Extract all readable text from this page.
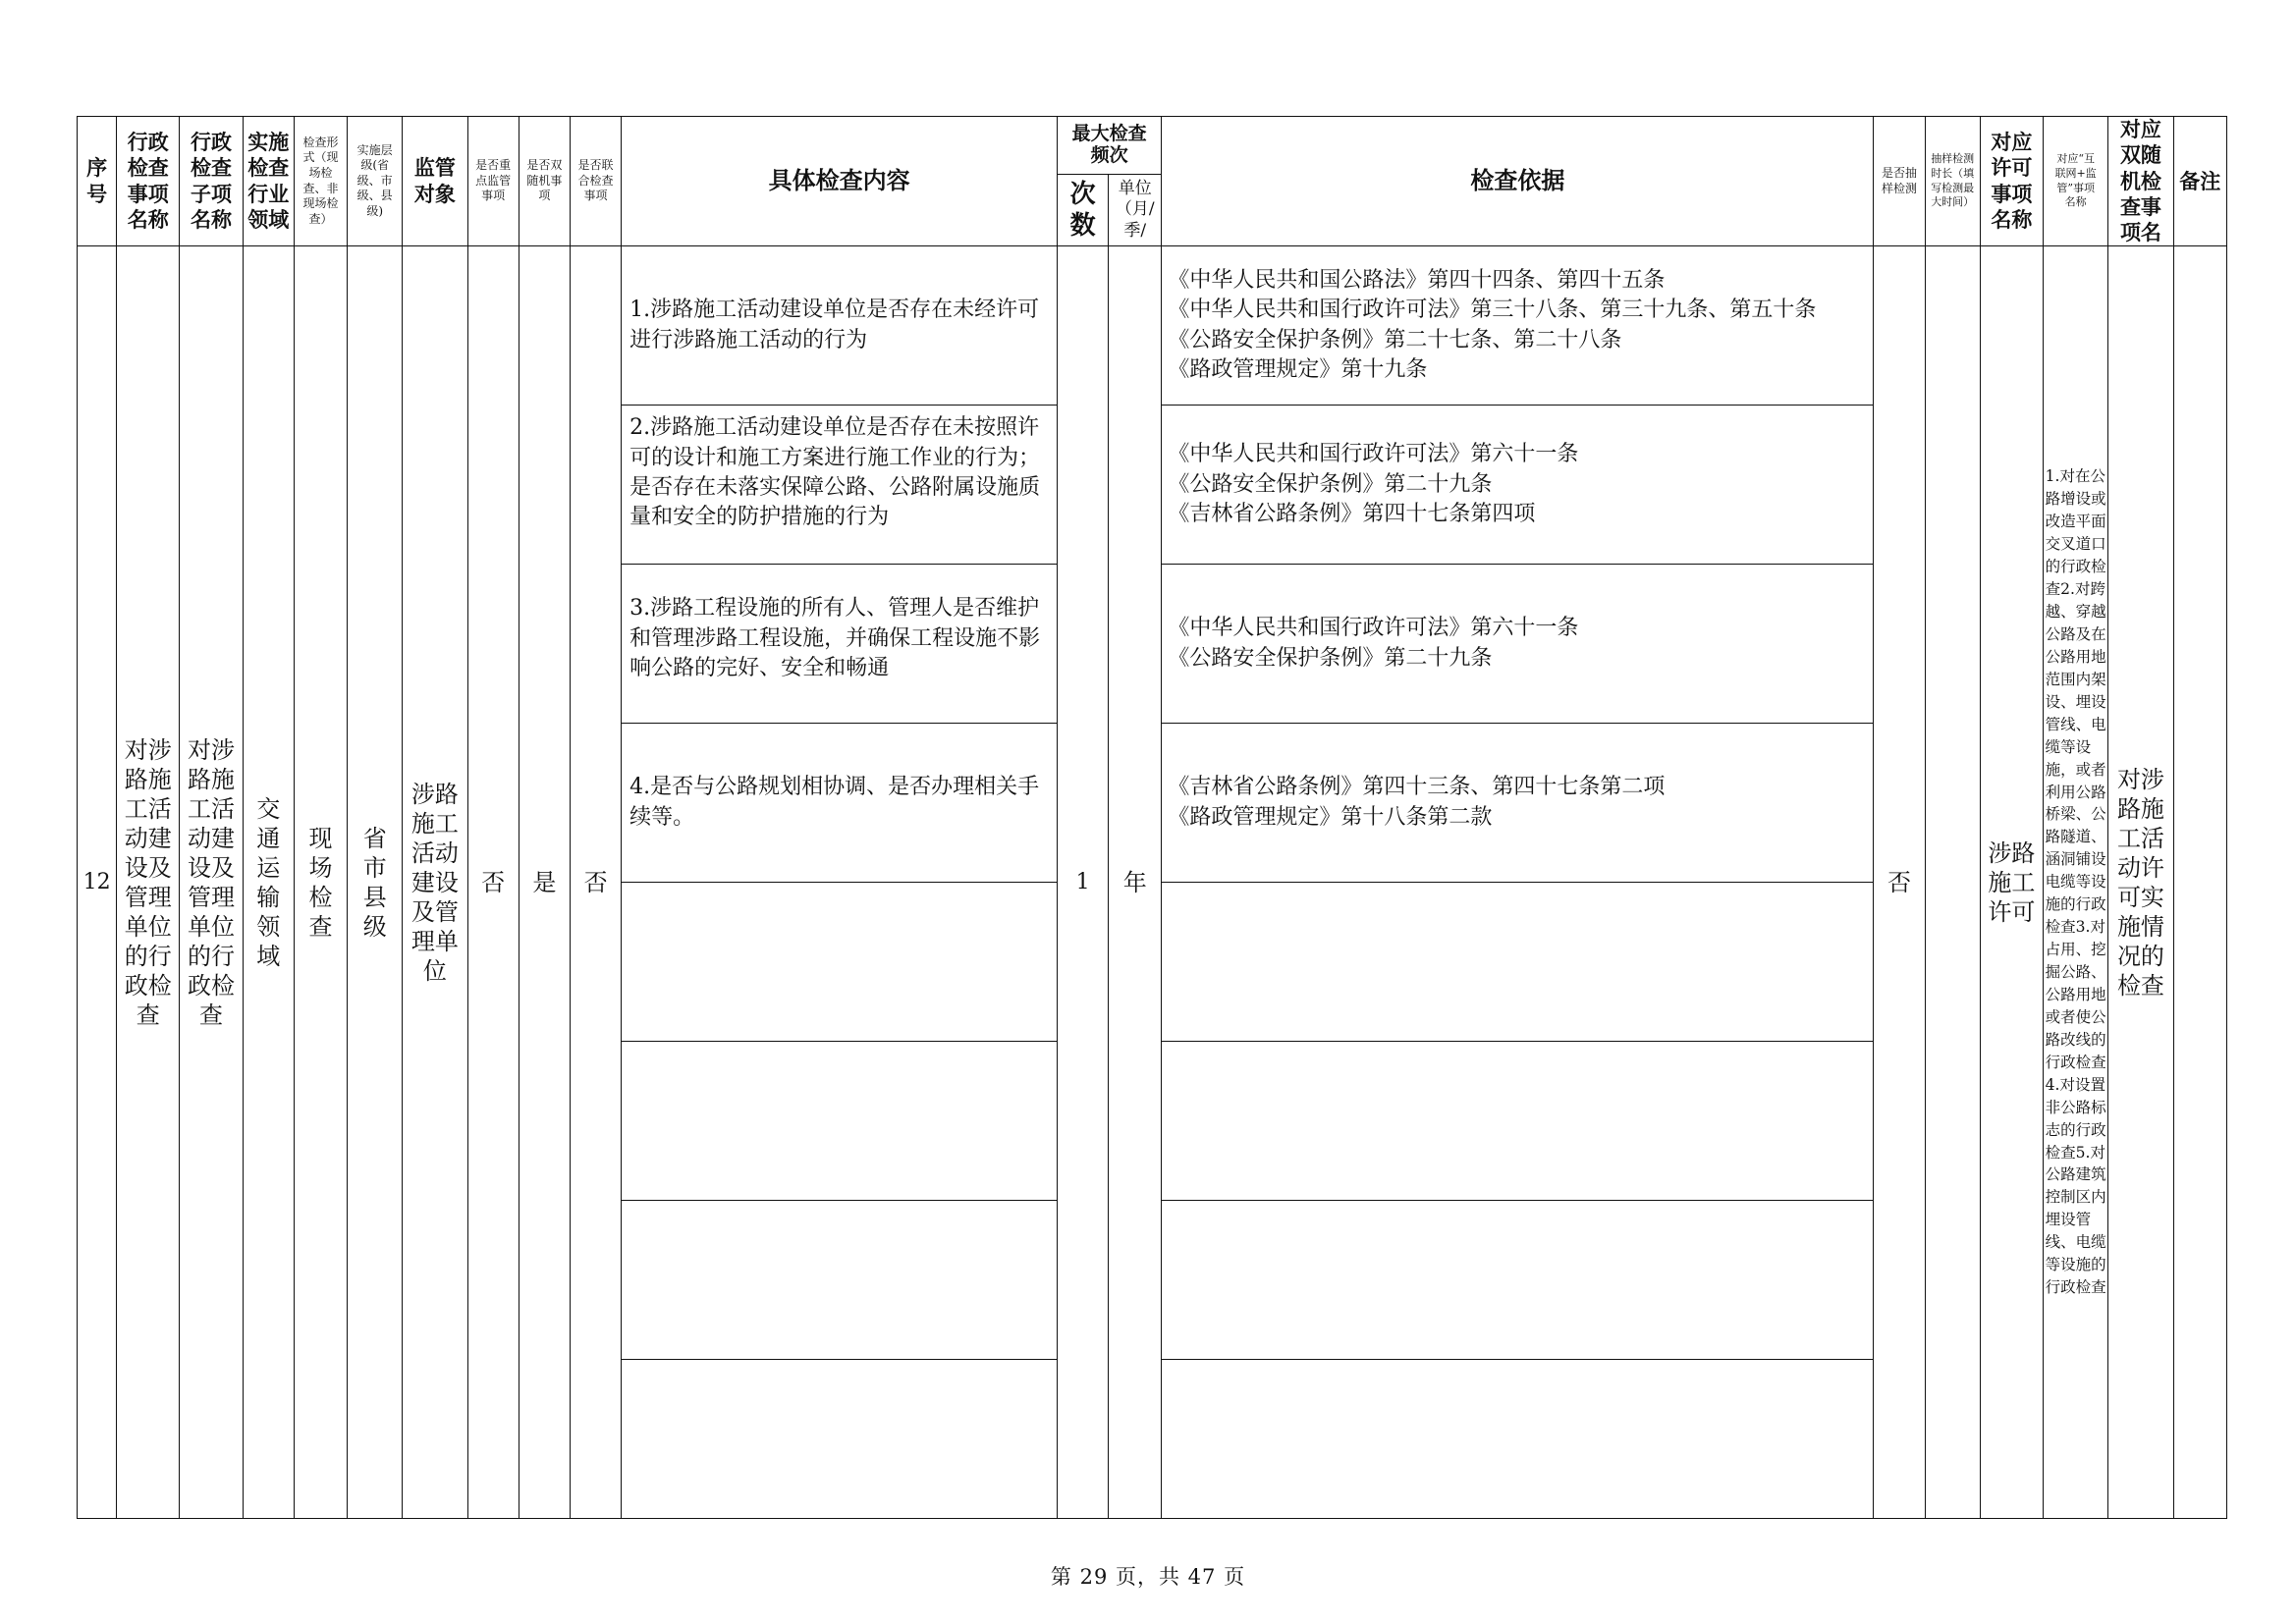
序号	行政检查事项名称	行政检查子项名称	实施检查行业领域	检查形式（现场检查、非现场检查）	实施层级(省级、市级、县级)	监管对象	是否重点监管事项	是否双随机事项	是否联合检查事项	具体检查内容	最大检查频次		检查依据	是否抽样检测	抽样检测时长（填写检测最大时间）	对应许可事项名称	对应“互联网+监管”事项名称	对应双随机检查事项名	备注
											次数	单位（月/季/							
12	对涉路施工活动建设及管理单位的行政检查	对涉路施工活动建设及管理单位的行政检查	交通运输领域	现场检查	省市县级	涉路施工活动建设及管理单位	否	是	否	1.涉路施工活动建设单位是否存在未经许可进行涉路施工活动的行为	1	年	《中华人民共和国公路法》第四十四条、第四十五条
《中华人民共和国行政许可法》第三十八条、第三十九条、第五十条
《公路安全保护条例》第二十七条、第二十八条
《路政管理规定》第十九条	否		涉路施工许可	1.对在公路增设或改造平面交叉道口的行政检查2.对跨越、穿越公路及在公路用地范围内架设、埋设管线、电缆等设施，或者利用公路桥梁、公路隧道、涵洞铺设电缆等设施的行政检查3.对占用、挖掘公路、公路用地或者使公路改线的行政检查4.对设置非公路标志的行政检查5.对公路建筑控制区内埋设管线、电缆等设施的行政检查	对涉路施工活动许可实施情况的检查	
										2.涉路施工活动建设单位是否存在未按照许可的设计和施工方案进行施工作业的行为；是否存在未落实保障公路、公路附属设施质量和安全的防护措施的行为			《中华人民共和国行政许可法》第六十一条
《公路安全保护条例》第二十九条
《吉林省公路条例》第四十七条第四项						

										3.涉路工程设施的所有人、管理人是否维护和管理涉路工程设施，并确保工程设施不影响公路的完好、安全和畅通			《中华人民共和国行政许可法》第六十一条
《公路安全保护条例》第二十九条						

										4.是否与公路规划相协调、是否办理相关手续等。			《吉林省公路条例》第四十三条、第四十七条第二项
《路政管理规定》第十八条第二款						

第 29 页，共 47 页
